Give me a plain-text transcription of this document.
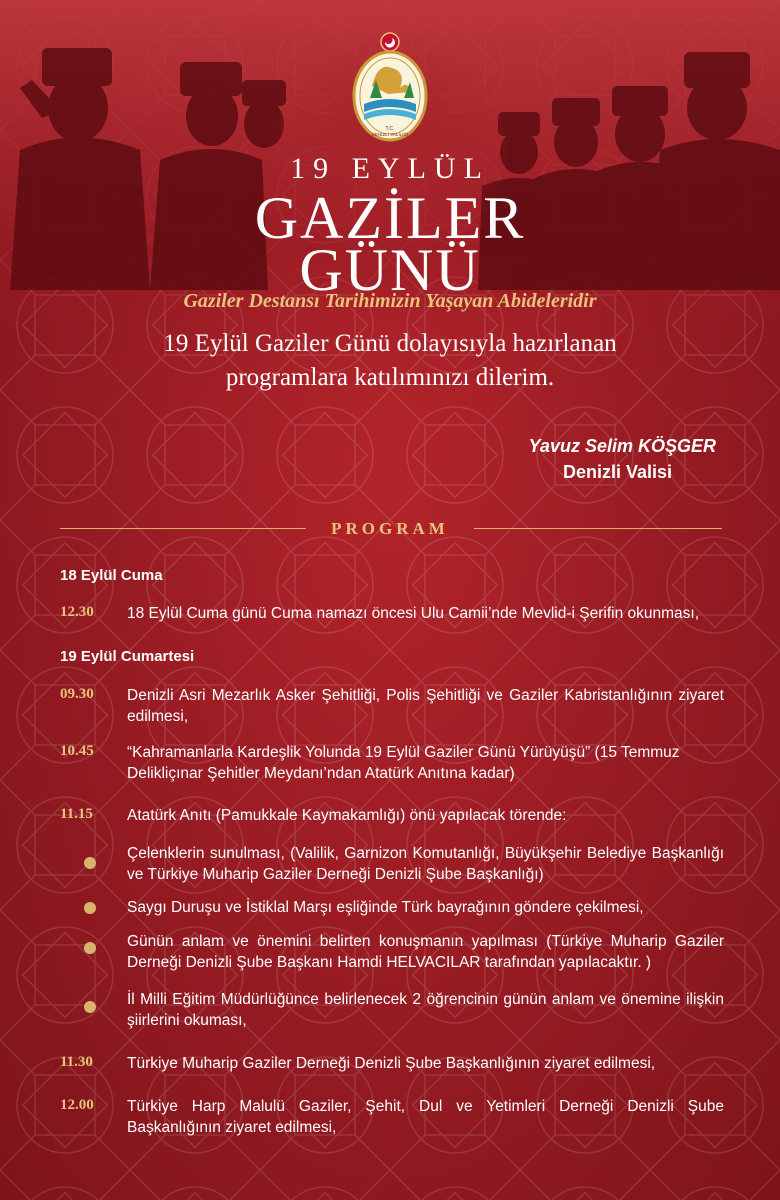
T.C.
DENİZLİ VALİLİĞİ
19 EYLÜL
GAZİLER
GÜNÜ
Gaziler Destansı Tarihimizin Yaşayan Abideleridir
19 Eylül Gaziler Günü dolayısıyla hazırlanan
programlara katılımınızı dilerim.
Yavuz Selim KÖŞGER
Denizli Valisi
PROGRAM
18 Eylül Cuma
12.30 18 Eylül Cuma günü Cuma namazı öncesi Ulu Camii’nde Mevlid-i Şerifin okunması,
19 Eylül Cumartesi
09.30 Denizli Asri Mezarlık Asker Şehitliği, Polis Şehitliği ve Gaziler Kabristanlığının ziyaret edilmesi,
10.45 “Kahramanlarla Kardeşlik Yolunda 19 Eylül Gaziler Günü Yürüyüşü” (15 Temmuz Delikliçınar Şehitler Meydanı’ndan Atatürk Anıtına kadar)
11.15 Atatürk Anıtı (Pamukkale Kaymakamlığı) önü yapılacak törende:
Çelenklerin sunulması, (Valilik, Garnizon Komutanlığı, Büyükşehir Belediye Başkanlığı ve Türkiye Muharip Gaziler Derneği Denizli Şube Başkanlığı)
Saygı Duruşu ve İstiklal Marşı eşliğinde Türk bayrağının göndere çekilmesi,
Günün anlam ve önemini belirten konuşmanın yapılması (Türkiye Muharip Gaziler Derneği Denizli Şube Başkanı Hamdi HELVACILAR tarafından yapılacaktır. )
İl Milli Eğitim Müdürlüğünce belirlenecek 2 öğrencinin günün anlam ve önemine ilişkin şiirlerini okuması,
11.30 Türkiye Muharip Gaziler Derneği Denizli Şube Başkanlığının ziyaret edilmesi,
12.00 Türkiye Harp Malulü Gaziler, Şehit, Dul ve Yetimleri Derneği Denizli Şube Başkanlığının ziyaret edilmesi,
